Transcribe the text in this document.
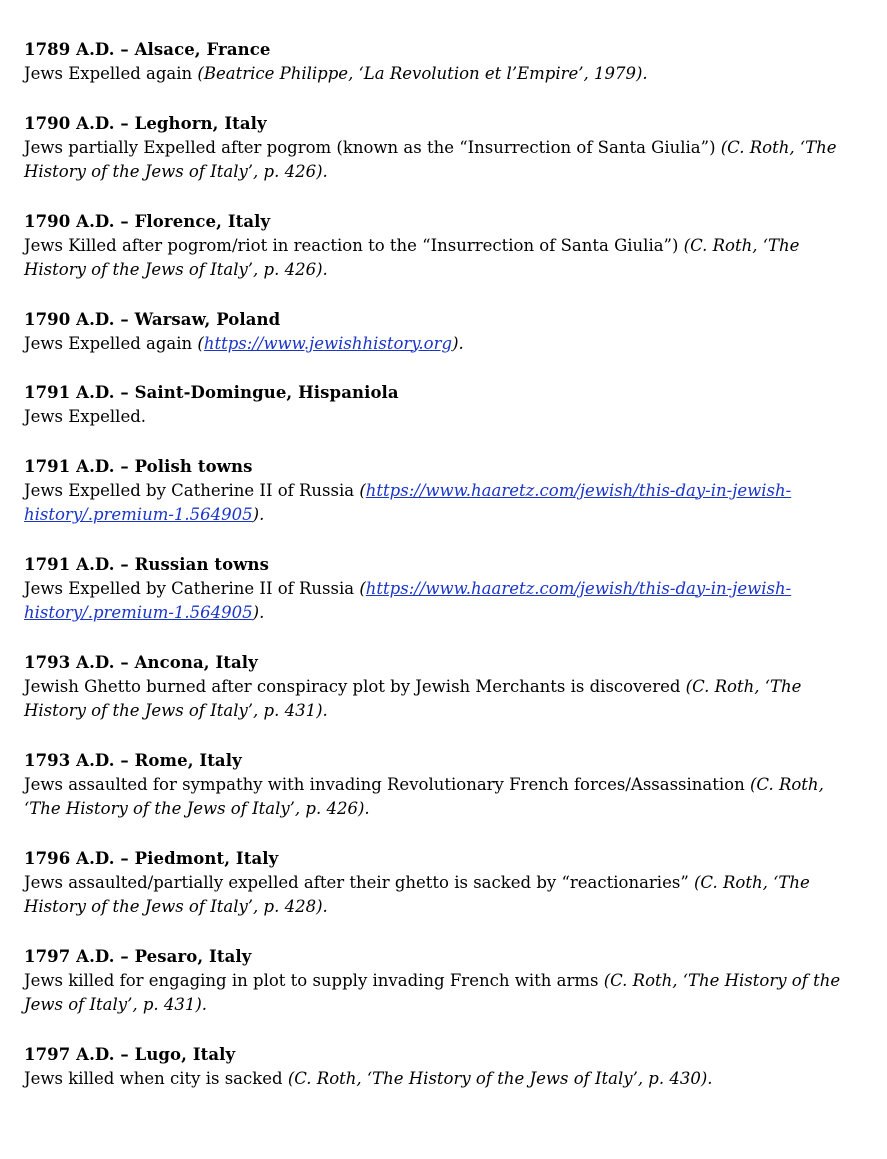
1789 A.D. – Alsace, France
Jews Expelled again (Beatrice Philippe, ‘La Revolution et l’Empire’, 1979).
1790 A.D. – Leghorn, Italy
Jews partially Expelled after pogrom (known as the “Insurrection of Santa Giulia”) (C. Roth, ‘The History of the Jews of Italy’, p. 426).
1790 A.D. – Florence, Italy
Jews Killed after pogrom/riot in reaction to the “Insurrection of Santa Giulia”) (C. Roth, ‘The History of the Jews of Italy’, p. 426).
1790 A.D. – Warsaw, Poland
Jews Expelled again (https://www.jewishhistory.org).
1791 A.D. – Saint-Domingue, Hispaniola
Jews Expelled.
1791 A.D. – Polish towns
Jews Expelled by Catherine II of Russia (https://www.haaretz.com/jewish/this-day-in-jewish-history/.premium-1.564905).
1791 A.D. – Russian towns
Jews Expelled by Catherine II of Russia (https://www.haaretz.com/jewish/this-day-in-jewish-history/.premium-1.564905).
1793 A.D. – Ancona, Italy
Jewish Ghetto burned after conspiracy plot by Jewish Merchants is discovered (C. Roth, ‘The History of the Jews of Italy’, p. 431).
1793 A.D. – Rome, Italy
Jews assaulted for sympathy with invading Revolutionary French forces/Assassination (C. Roth, ‘The History of the Jews of Italy’, p. 426).
1796 A.D. – Piedmont, Italy
Jews assaulted/partially expelled after their ghetto is sacked by “reactionaries” (C. Roth, ‘The History of the Jews of Italy’, p. 428).
1797 A.D. – Pesaro, Italy
Jews killed for engaging in plot to supply invading French with arms (C. Roth, ‘The History of the Jews of Italy’, p. 431).
1797 A.D. – Lugo, Italy
Jews killed when city is sacked (C. Roth, ‘The History of the Jews of Italy’, p. 430).
